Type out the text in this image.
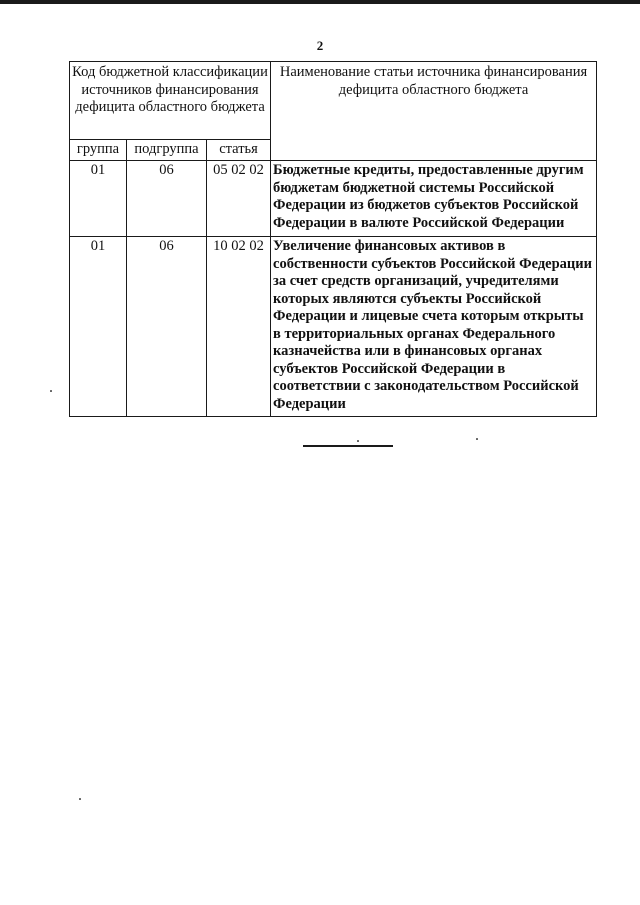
2
Код бюджетной классификации источников финансирования дефицита областного бюджета			Наименование статьи источника финансирования дефицита областного бюджета
группа	подгруппа	статья	
01	06	05 02 02	Бюджетные кредиты, предоставленные другим бюджетам бюджетной системы Российской Федерации из бюджетов субъектов Российской Федерации в валюте Российской Федерации
01	06	10 02 02	Увеличение финансовых активов в собственности субъектов Российской Федерации за счет средств организаций, учредителями которых являются субъекты Российской Федерации и лицевые счета которым открыты в территориальных органах Федерального казначейства или в финансовых органах субъектов Российской Федерации в соответствии с законодательством Российской Федерации
